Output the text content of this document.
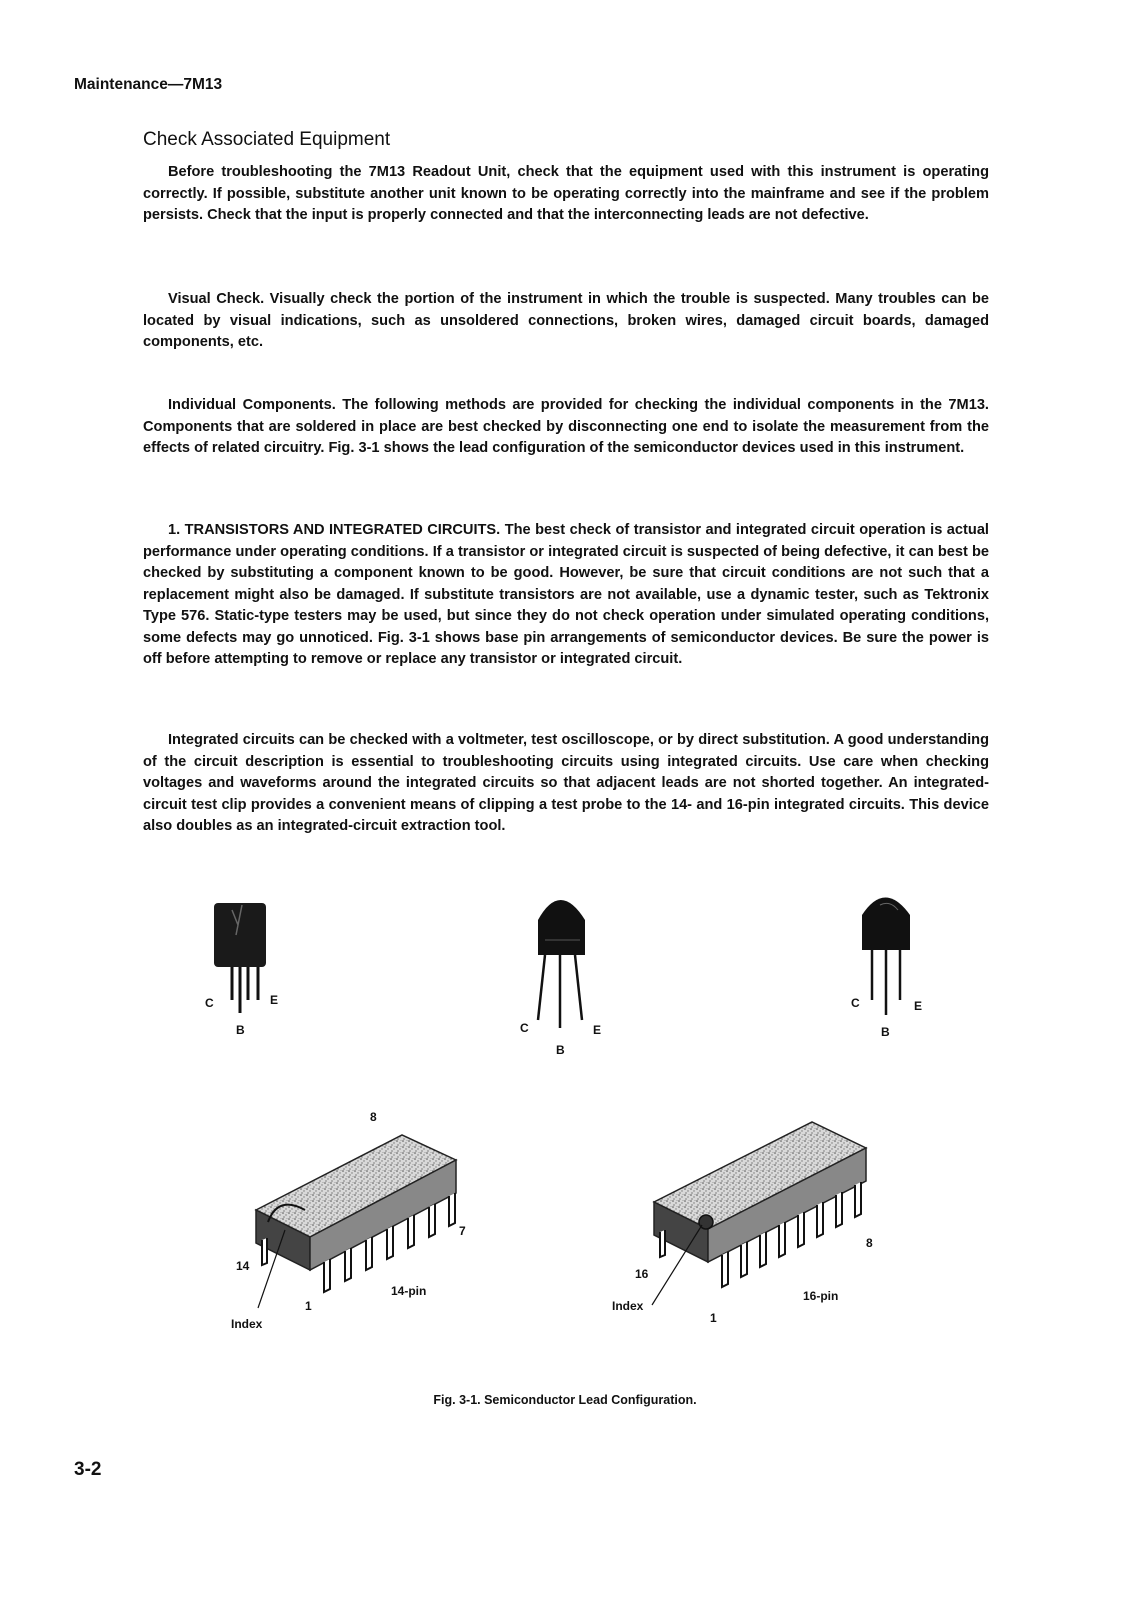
Maintenance—7M13
Check Associated Equipment

Before troubleshooting the 7M13 Readout Unit, check that the equipment used with this instrument is operating correctly. If possible, substitute another unit known to be operating correctly into the mainframe and see if the problem persists. Check that the input is properly connected and that the interconnecting leads are not defective.

Visual Check. Visually check the portion of the instrument in which the trouble is suspected. Many troubles can be located by visual indications, such as unsoldered connections, broken wires, damaged circuit boards, damaged components, etc.

Individual Components. The following methods are provided for checking the individual components in the 7M13. Components that are soldered in place are best checked by disconnecting one end to isolate the measurement from the effects of related circuitry. Fig. 3-1 shows the lead configuration of the semiconductor devices used in this instrument.

1. TRANSISTORS AND INTEGRATED CIRCUITS. The best check of transistor and integrated circuit operation is actual performance under operating conditions. If a transistor or integrated circuit is suspected of being defective, it can best be checked by substituting a component known to be good. However, be sure that circuit conditions are not such that a replacement might also be damaged. If substitute transistors are not available, use a dynamic tester, such as Tektronix Type 576. Static-type testers may be used, but since they do not check operation under simulated operating conditions, some defects may go unnoticed. Fig. 3-1 shows base pin arrangements of semiconductor devices. Be sure the power is off before attempting to remove or replace any transistor or integrated circuit.

Integrated circuits can be checked with a voltmeter, test oscilloscope, or by direct substitution. A good understanding of the circuit description is essential to troubleshooting circuits using integrated circuits. Use care when checking voltages and waveforms around the integrated circuits so that adjacent leads are not shorted together. An integrated-circuit test clip provides a convenient means of clipping a test probe to the 14- and 16-pin integrated circuits. This device also doubles as an integrated-circuit extraction tool.

C	E
B	C	E
B
C	E
B
8
7
14
1
14-pin
Index
8
16
1
16-pin
Index
Fig. 3-1. Semiconductor Lead Configuration.
3-2
